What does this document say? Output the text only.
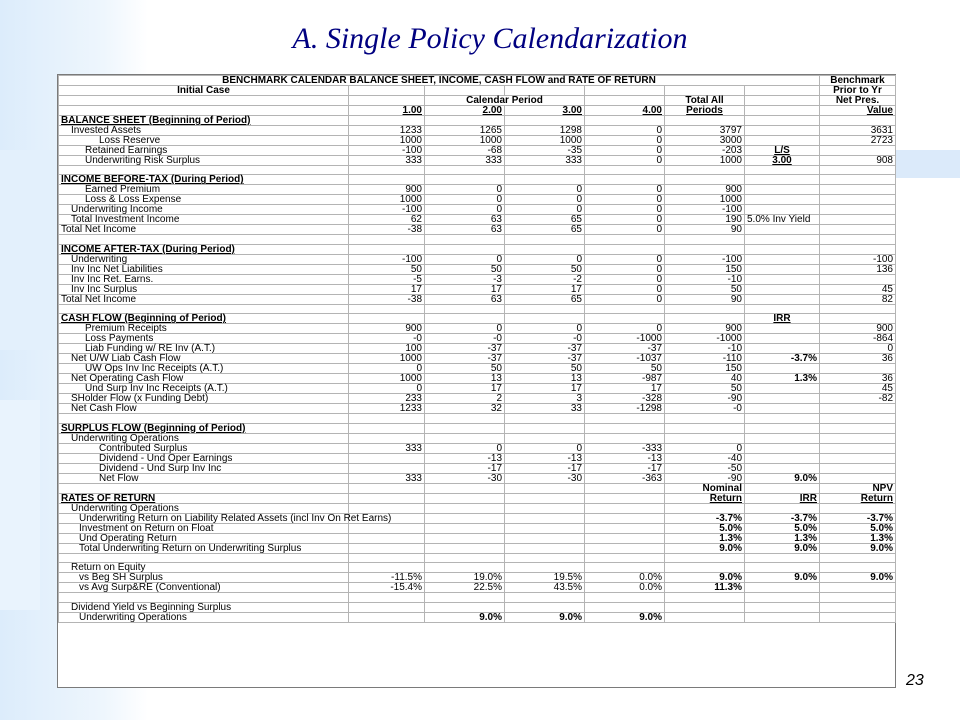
A. Single Policy Calendarization
BENCHMARK CALENDAR BALANCE SHEET, INCOME, CASH FLOW and RATE OF RETURN							Benchmark
Initial Case							Prior to Yr
		Calendar Period			Total All		Net Pres.
	1.00	2.00	3.00	4.00	Periods		Value
BALANCE SHEET (Beginning of Period)							
Invested Assets	1233	1265	1298	0	3797		3631
Loss Reserve	1000	1000	1000	0	3000		2723
Retained Earnings	-100	-68	-35	0	-203	L/S	
Underwriting Risk Surplus	333	333	333	0	1000	3.00	908

INCOME BEFORE-TAX (During Period)							
Earned Premium	900	0	0	0	900		
Loss & Loss Expense	1000	0	0	0	1000		
Underwriting Income	-100	0	0	0	-100		
Total Investment Income	62	63	65	0	190	5.0% Inv Yield	
Total Net Income	-38	63	65	0	90		

INCOME AFTER-TAX (During Period)							
Underwriting	-100	0	0	0	-100		-100
Inv Inc Net Liabilities	50	50	50	0	150		136
Inv Inc Ret. Earns.	-5	-3	-2	0	-10		
Inv Inc Surplus	17	17	17	0	50		45
Total Net Income	-38	63	65	0	90		82

CASH FLOW (Beginning of Period)						IRR	
Premium Receipts	900	0	0	0	900		900
Loss Payments	-0	-0	-0	-1000	-1000		-864
Liab Funding w/ RE Inv (A.T.)	100	-37	-37	-37	-10		0
Net U/W Liab Cash Flow	1000	-37	-37	-1037	-110	-3.7%	36
UW Ops Inv Inc Receipts (A.T.)	0	50	50	50	150		
Net Operating Cash Flow	1000	13	13	-987	40	1.3%	36
Und Surp Inv Inc Receipts (A.T.)	0	17	17	17	50		45
SHolder Flow (x Funding Debt)	233	2	3	-328	-90		-82
Net Cash Flow	1233	32	33	-1298	-0		

SURPLUS FLOW (Beginning of Period)							
Underwriting Operations							
Contributed Surplus	333	0	0	-333	0		
Dividend - Und Oper Earnings		-13	-13	-13	-40		
Dividend - Und Surp Inv Inc		-17	-17	-17	-50		
Net Flow	333	-30	-30	-363	-90	9.0%	
					Nominal		NPV
RATES OF RETURN					Return	IRR	Return
Underwriting Operations							
Underwriting Return on Liability Related Assets (incl Inv On Ret Earns)					-3.7%	-3.7%	-3.7%
Investment on Return on Float					5.0%	5.0%	5.0%
Und Operating Return					1.3%	1.3%	1.3%
Total Underwriting Return on Underwriting Surplus					9.0%	9.0%	9.0%

Return on Equity							
vs Beg SH Surplus	-11.5%	19.0%	19.5%	0.0%	9.0%	9.0%	9.0%
vs Avg Surp&RE (Conventional)	-15.4%	22.5%	43.5%	0.0%	11.3%		

Dividend Yield vs Beginning Surplus							
Underwriting Operations		9.0%	9.0%	9.0%			
23
